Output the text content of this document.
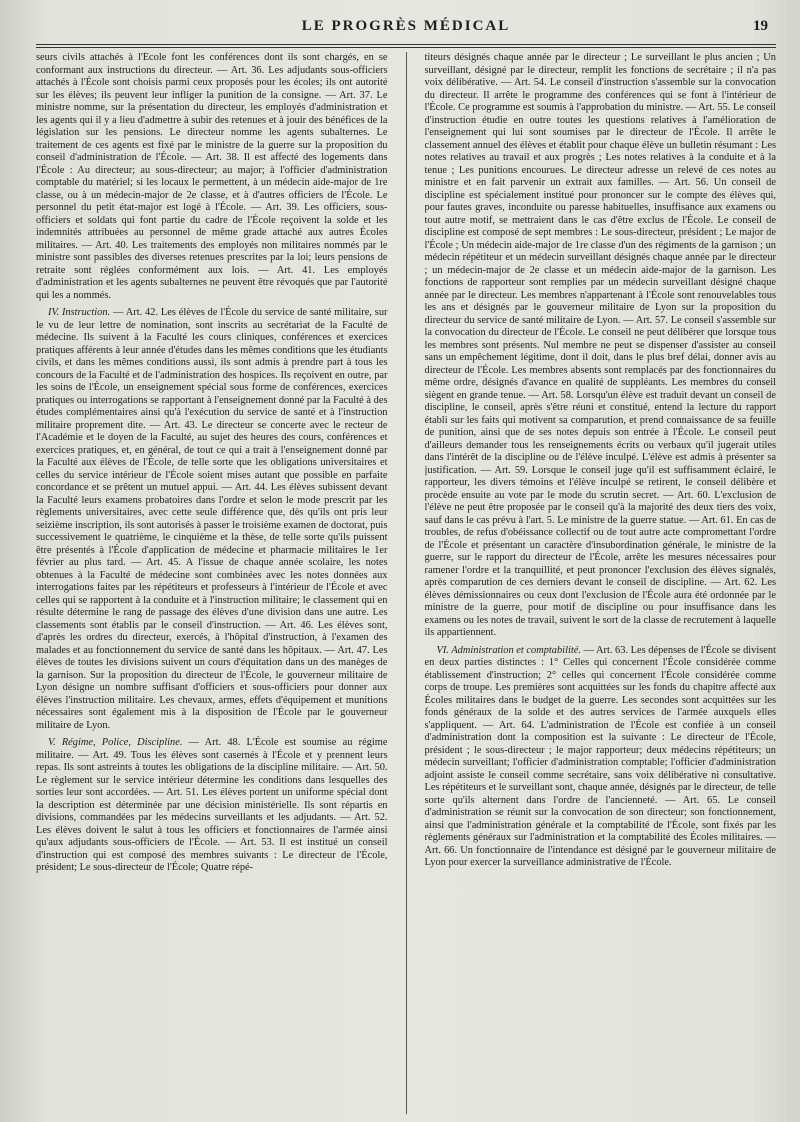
LE PROGRÈS MÉDICAL	19

seurs civils attachés à l'École font les conférences dont ils sont chargés, en se conformant aux instructions du directeur. — Art. 36. Les adjudants sous-officiers attachés à l'École sont choisis parmi ceux proposés pour les écoles; ils ont autorité sur les élèves; ils peuvent leur infliger la punition de la consigne. — Art. 37. Le ministre nomme, sur la présentation du directeur, les employés d'administration et les agents qui il y a lieu d'admettre à subir des retenues et à jouir des bénéfices de la législation sur les pensions. Le directeur nomme les agents subalternes. Le traitement de ces agents est fixé par le ministre de la guerre sur la proposition du conseil d'administration de l'École. — Art. 38. Il est affecté des logements dans l'École : Au directeur; au sous-directeur; au major; à l'officier d'administration comptable du matériel; si les locaux le permettent, à un médecin aide-major de 1re classe, ou à un médecin-major de 2e classe, et à d'autres officiers de l'École. Le personnel du petit état-major est logé à l'École. — Art. 39. Les officiers, sous-officiers et soldats qui font partie du cadre de l'École reçoivent la solde et les indemnités attribuées au personnel de même grade attaché aux autres Écoles militaires. — Art. 40. Les traitements des employés non militaires nommés par le ministre sont passibles des diverses retenues prescrites par la loi; leurs pensions de retraite sont réglées conformément aux lois. — Art. 41. Les employés d'administration et les agents subalternes ne peuvent être révoqués que par l'autorité qui les a nommés.

IV. Instruction. — Art. 42. Les élèves de l'École du service de santé militaire, sur le vu de leur lettre de nomination, sont inscrits au secrétariat de la Faculté de médecine. Ils suivent à la Faculté les cours cliniques, conférences et exercices pratiques afférents à leur année d'études dans les mêmes conditions que les étudiants civils, et dans les mêmes conditions aussi, ils sont admis à prendre part à tous les concours de la Faculté et de l'administration des hospices. Ils reçoivent en outre, par les soins de l'École, un enseignement spécial sous forme de conférences, exercices pratiques ou interrogations se rapportant à l'enseignement donné par la Faculté à des études complémentaires ainsi qu'à l'exécution du service de santé et à l'instruction militaire proprement dite. — Art. 43. Le directeur se concerte avec le recteur de l'Académie et le doyen de la Faculté, au sujet des heures des cours, conférences et exercices pratiques, et, en général, de tout ce qui a trait à l'enseignement donné par la Faculté aux élèves de l'École, de telle sorte que les obligations universitaires et celles du service intérieur de l'École soient mises autant que possible en parfaite concordance et se prêtent un mutuel appui. — Art. 44. Les élèves subissent devant la Faculté leurs examens probatoires dans l'ordre et selon le mode prescrit par les règlements universitaires, avec cette seule différence que, dès qu'ils ont pris leur seizième inscription, ils sont autorisés à passer le troisième examen de doctorat, puis successivement le quatrième, le cinquième et la thèse, de telle sorte qu'ils puissent être présentés à l'École d'application de médecine et pharmacie militaires le 1er février au plus tard. — Art. 45. A l'issue de chaque année scolaire, les notes obtenues à la Faculté de médecine sont combinées avec les notes données aux interrogations faites par les répétiteurs et professeurs à l'intérieur de l'École et avec celles qui se rapportent à la conduite et à l'instruction militaire; le classement qui en résulte détermine le rang de passage des élèves d'une division dans une autre. Les classements sont établis par le conseil d'instruction. — Art. 46. Les élèves sont, d'après les ordres du directeur, exercés, à l'hôpital d'instruction, à l'examen des malades et au fonctionnement du service de santé dans les hôpitaux. — Art. 47. Les élèves de toutes les divisions suivent un cours d'équitation dans un des manèges de la garnison. Sur la proposition du directeur de l'École, le gouverneur militaire de Lyon désigne un nombre suffisant d'officiers et sous-officiers pour donner aux élèves l'instruction militaire. Les chevaux, armes, effets d'équipement et munitions nécessaires sont également mis à la disposition de l'École par le gouverneur militaire de Lyon.

V. Régime, Police, Discipline. — Art. 48. L'École est soumise au régime militaire. — Art. 49. Tous les élèves sont casernés à l'École et y prennent leurs repas. Ils sont astreints à toutes les obligations de la discipline militaire. — Art. 50. Le règlement sur le service intérieur détermine les conditions dans lesquelles des sorties leur sont accordées. — Art. 51. Les élèves portent un uniforme spécial dont la description est déterminée par une décision ministérielle. Ils sont répartis en divisions, commandées par les médecins surveillants et les adjudants. — Art. 52. Les élèves doivent le salut à tous les officiers et fonctionnaires de l'armée ainsi qu'aux adjudants sous-officiers de l'École. — Art. 53. Il est institué un conseil d'instruction qui est composé des membres suivants : Le directeur de l'École, président; Le sous-directeur de l'École; Quatre répé-

titeurs désignés chaque année par le directeur ; Le surveillant le plus ancien ; Un surveillant, désigné par le directeur, remplit les fonctions de secrétaire ; il n'a pas voix délibérative. — Art. 54. Le conseil d'instruction s'assemble sur la convocation du directeur. Il arrête le programme des conférences qui se font à l'intérieur de l'École. Ce programme est soumis à l'approbation du ministre. — Art. 55. Le conseil d'instruction étudie en outre toutes les questions relatives à l'amélioration de l'enseignement qui lui sont soumises par le directeur de l'École. Il arrête le classement annuel des élèves et établit pour chaque élève un bulletin résumant : Les notes relatives au travail et aux progrès ; Les notes relatives à la conduite et à la tenue ; Les punitions encourues. Le directeur adresse un relevé de ces notes au ministre et en fait parvenir un extrait aux familles. — Art. 56. Un conseil de discipline est spécialement institué pour prononcer sur le compte des élèves qui, pour fautes graves, inconduite ou paresse habituelles, insuffisance aux examens ou tout autre motif, se mettraient dans le cas d'être exclus de l'École. Le conseil de discipline est composé de sept membres : Le sous-directeur, président ; Le major de l'École ; Un médecin aide-major de 1re classe d'un des régiments de la garnison ; un médecin répétiteur et un médecin surveillant désignés chaque année par le directeur ; un médecin-major de 2e classe et un médecin aide-major de la garnison. Les fonctions de rapporteur sont remplies par un médecin surveillant désigné chaque année par le directeur. Les membres n'appartenant à l'École sont renouvelables tous les ans et désignés par le gouverneur militaire de Lyon sur la proposition du directeur du service de santé militaire de Lyon. — Art. 57. Le conseil s'assemble sur la convocation du directeur de l'École. Le conseil ne peut délibérer que lorsque tous les membres sont présents. Nul membre ne peut se dispenser d'assister au conseil sans un empêchement légitime, dont il doit, dans le plus bref délai, donner avis au directeur de l'École. Les membres absents sont remplacés par des fonctionnaires du même ordre, désignés d'avance en qualité de suppléants. Les membres du conseil siègent en grande tenue. — Art. 58. Lorsqu'un élève est traduit devant un conseil de discipline, le conseil, après s'être réuni et constitué, entend la lecture du rapport établi sur les faits qui motivent sa comparution, et prend connaissance de sa feuille de punition, ainsi que de ses notes depuis son entrée à l'École. Le conseil peut d'ailleurs demander tous les renseignements écrits ou verbaux qu'il jugerait utiles dans l'intérêt de la discipline ou de l'élève inculpé. L'élève est admis à présenter sa justification. — Art. 59. Lorsque le conseil juge qu'il est suffisamment éclairé, le rapporteur, les divers témoins et l'élève inculpé se retirent, le conseil délibère et procède ensuite au vote par le mode du scrutin secret. — Art. 60. L'exclusion de l'élève ne peut être proposée par le conseil qu'à la majorité des deux tiers des voix, sauf dans le cas prévu à l'art. 5. Le ministre de la guerre statue. — Art. 61. En cas de troubles, de refus d'obéissance collectif ou de tout autre acte compromettant l'ordre de l'École et présentant un caractère d'insubordination générale, le ministre de la guerre, sur le rapport du directeur de l'École, arrête les mesures nécessaires pour ramener l'ordre et la tranquillité, et peut prononcer l'exclusion des élèves signalés, après comparution de ces derniers devant le conseil de discipline. — Art. 62. Les élèves démissionnaires ou ceux dont l'exclusion de l'École aura été ordonnée par le ministre de la guerre, pour motif de discipline ou pour insuffisance dans les examens ou les notes de travail, suivent le sort de la classe de recrutement à laquelle ils appartiennent.

VI. Administration et comptabilité. — Art. 63. Les dépenses de l'École se divisent en deux parties distinctes : 1° Celles qui concernent l'École considérée comme établissement d'instruction; 2° celles qui concernent l'École considérée comme corps de troupe. Les premières sont acquittées sur les fonds du chapitre affecté aux Écoles militaires dans le budget de la guerre. Les secondes sont acquittées sur les fonds généraux de la solde et des autres services de l'armée auxquels elles s'appliquent. — Art. 64. L'administration de l'École est confiée à un conseil d'administration dont la composition est la suivante : Le directeur de l'École, président ; le sous-directeur ; le major rapporteur; deux médecins répétiteurs; un médecin surveillant; l'officier d'administration comptable; l'officier d'administration adjoint assiste le conseil comme secrétaire, sans voix délibérative ni consultative. Les répétiteurs et le surveillant sont, chaque année, désignés par le directeur, de telle sorte qu'ils alternent dans l'ordre de l'ancienneté. — Art. 65. Le conseil d'administration se réunit sur la convocation de son directeur; son fonctionnement, ainsi que l'administration générale et la comptabilité de l'École, sont fixés par les règlements généraux sur l'administration et la comptabilité des Écoles militaires. — Art. 66. Un fonctionnaire de l'intendance est désigné par le gouverneur militaire de Lyon pour exercer la surveillance administrative de l'École.
